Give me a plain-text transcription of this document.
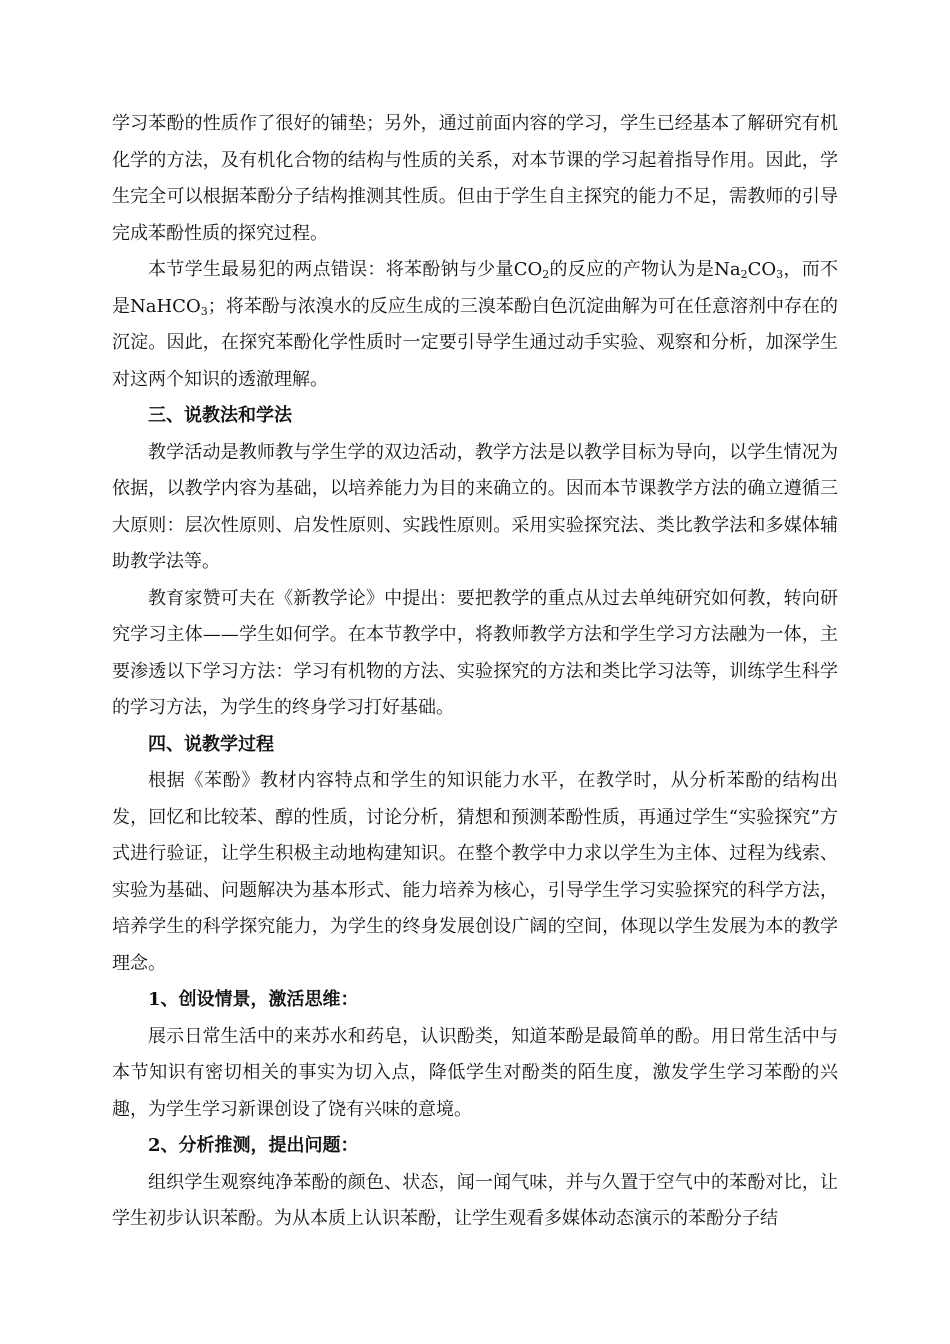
学习苯酚的性质作了很好的铺垫；另外，通过前面内容的学习，学生已经基本了解研究有机化学的方法，及有机化合物的结构与性质的关系，对本节课的学习起着指导作用。因此，学生完全可以根据苯酚分子结构推测其性质。但由于学生自主探究的能力不足，需教师的引导完成苯酚性质的探究过程。

本节学生最易犯的两点错误：将苯酚钠与少量$CO_2$的反应的产物认为是$Na_2CO_3$，而不是NaHCO$_3$；将苯酚与浓溴水的反应生成的三溴苯酚白色沉淀曲解为可在任意溶剂中存在的沉淀。因此，在探究苯酚化学性质时一定要引导学生通过动手实验、观察和分析，加深学生对这两个知识的透澈理解。

三、说教法和学法

教学活动是教师教与学生学的双边活动，教学方法是以教学目标为导向，以学生情况为依据，以教学内容为基础，以培养能力为目的来确立的。因而本节课教学方法的确立遵循三大原则：层次性原则、启发性原则、实践性原则。采用实验探究法、类比教学法和多媒体辅助教学法等。

教育家赞可夫在《新教学论》中提出：要把教学的重点从过去单纯研究如何教，转向研究学习主体——学生如何学。在本节教学中，将教师教学方法和学生学习方法融为一体，主要渗透以下学习方法：学习有机物的方法、实验探究的方法和类比学习法等，训练学生科学的学习方法，为学生的终身学习打好基础。

四、说教学过程

根据《苯酚》教材内容特点和学生的知识能力水平，在教学时，从分析苯酚的结构出发，回忆和比较苯、醇的性质，讨论分析，猜想和预测苯酚性质，再通过学生“实验探究”方式进行验证，让学生积极主动地构建知识。在整个教学中力求以学生为主体、过程为线索、实验为基础、问题解决为基本形式、能力培养为核心，引导学生学习实验探究的科学方法，培养学生的科学探究能力，为学生的终身发展创设广阔的空间，体现以学生发展为本的教学理念。

1、创设情景，激活思维：

展示日常生活中的来苏水和药皂，认识酚类，知道苯酚是最简单的酚。用日常生活中与本节知识有密切相关的事实为切入点，降低学生对酚类的陌生度，激发学生学习苯酚的兴趣，为学生学习新课创设了饶有兴味的意境。

2、分析推测，提出问题：

组织学生观察纯净苯酚的颜色、状态，闻一闻气味，并与久置于空气中的苯酚对比，让学生初步认识苯酚。为从本质上认识苯酚，让学生观看多媒体动态演示的苯酚分子结
